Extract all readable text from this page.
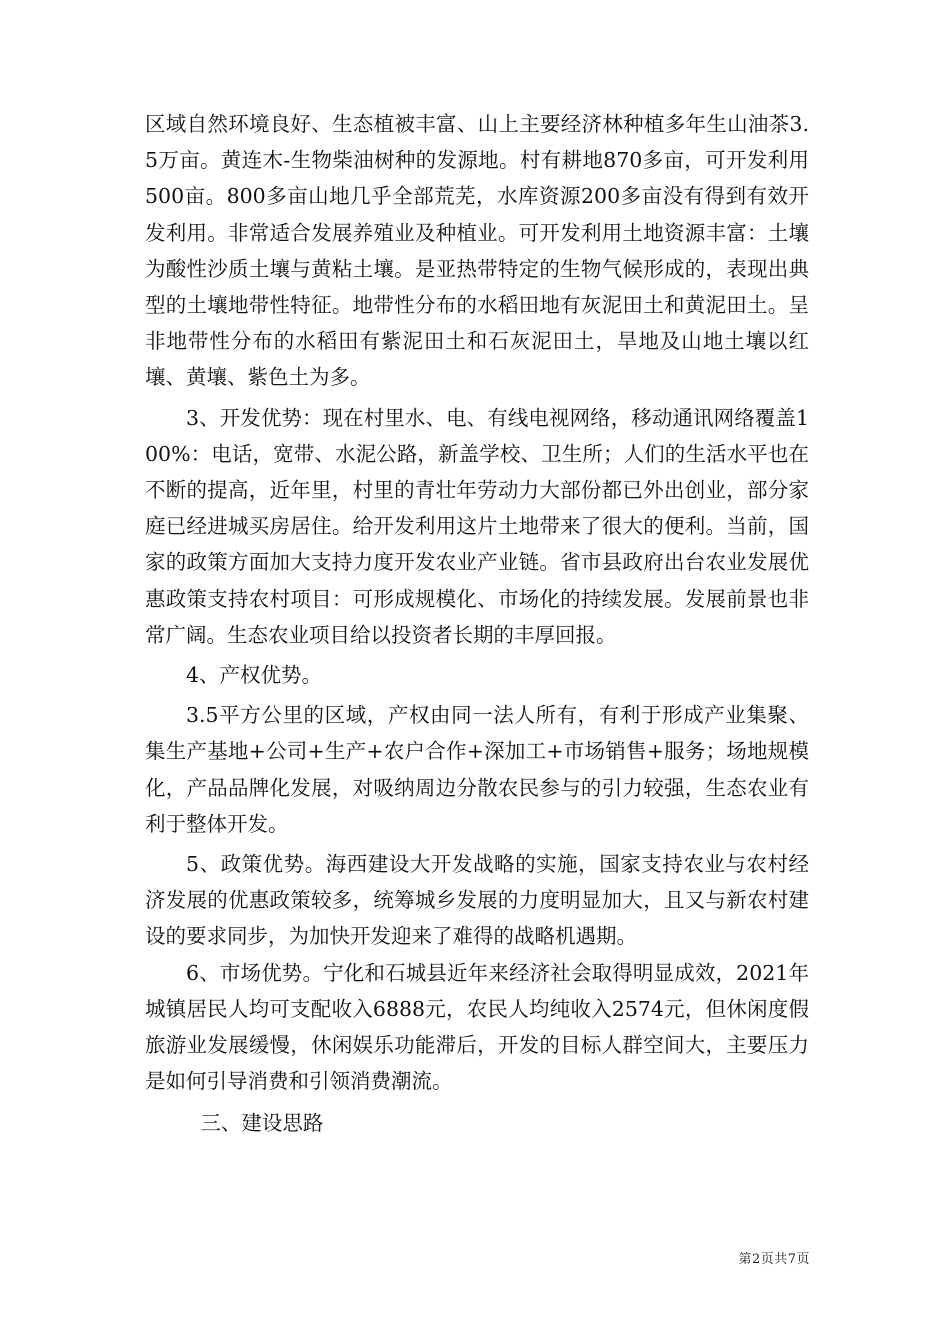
区域自然环境良好、生态植被丰富、山上主要经济林种植多年生山油茶3.5万亩。黄连木-生物柴油树种的发源地。村有耕地870多亩，可开发利用500亩。800多亩山地几乎全部荒芜，水库资源200多亩没有得到有效开发利用。非常适合发展养殖业及种植业。可开发利用土地资源丰富：土壤为酸性沙质土壤与黄粘土壤。是亚热带特定的生物气候形成的，表现出典型的土壤地带性特征。地带性分布的水稻田地有灰泥田土和黄泥田土。呈非地带性分布的水稻田有紫泥田土和石灰泥田土，旱地及山地土壤以红壤、黄壤、紫色土为多。

3、开发优势：现在村里水、电、有线电视网络，移动通讯网络覆盖100%：电话，宽带、水泥公路，新盖学校、卫生所；人们的生活水平也在不断的提高，近年里，村里的青壮年劳动力大部份都已外出创业，部分家庭已经进城买房居住。给开发利用这片土地带来了很大的便利。当前，国家的政策方面加大支持力度开发农业产业链。省市县政府出台农业发展优惠政策支持农村项目：可形成规模化、市场化的持续发展。发展前景也非常广阔。生态农业项目给以投资者长期的丰厚回报。

4、产权优势。

3.5平方公里的区域，产权由同一法人所有，有利于形成产业集聚、集生产基地+公司+生产+农户合作+深加工+市场销售+服务；场地规模化，产品品牌化发展，对吸纳周边分散农民参与的引力较强，生态农业有利于整体开发。

5、政策优势。海西建设大开发战略的实施，国家支持农业与农村经济发展的优惠政策较多，统筹城乡发展的力度明显加大，且又与新农村建设的要求同步，为加快开发迎来了难得的战略机遇期。

6、市场优势。宁化和石城县近年来经济社会取得明显成效，2021年城镇居民人均可支配收入6888元，农民人均纯收入2574元，但休闲度假旅游业发展缓慢，休闲娱乐功能滞后，开发的目标人群空间大，主要压力是如何引导消费和引领消费潮流。

三、建设思路

第2页共7页
